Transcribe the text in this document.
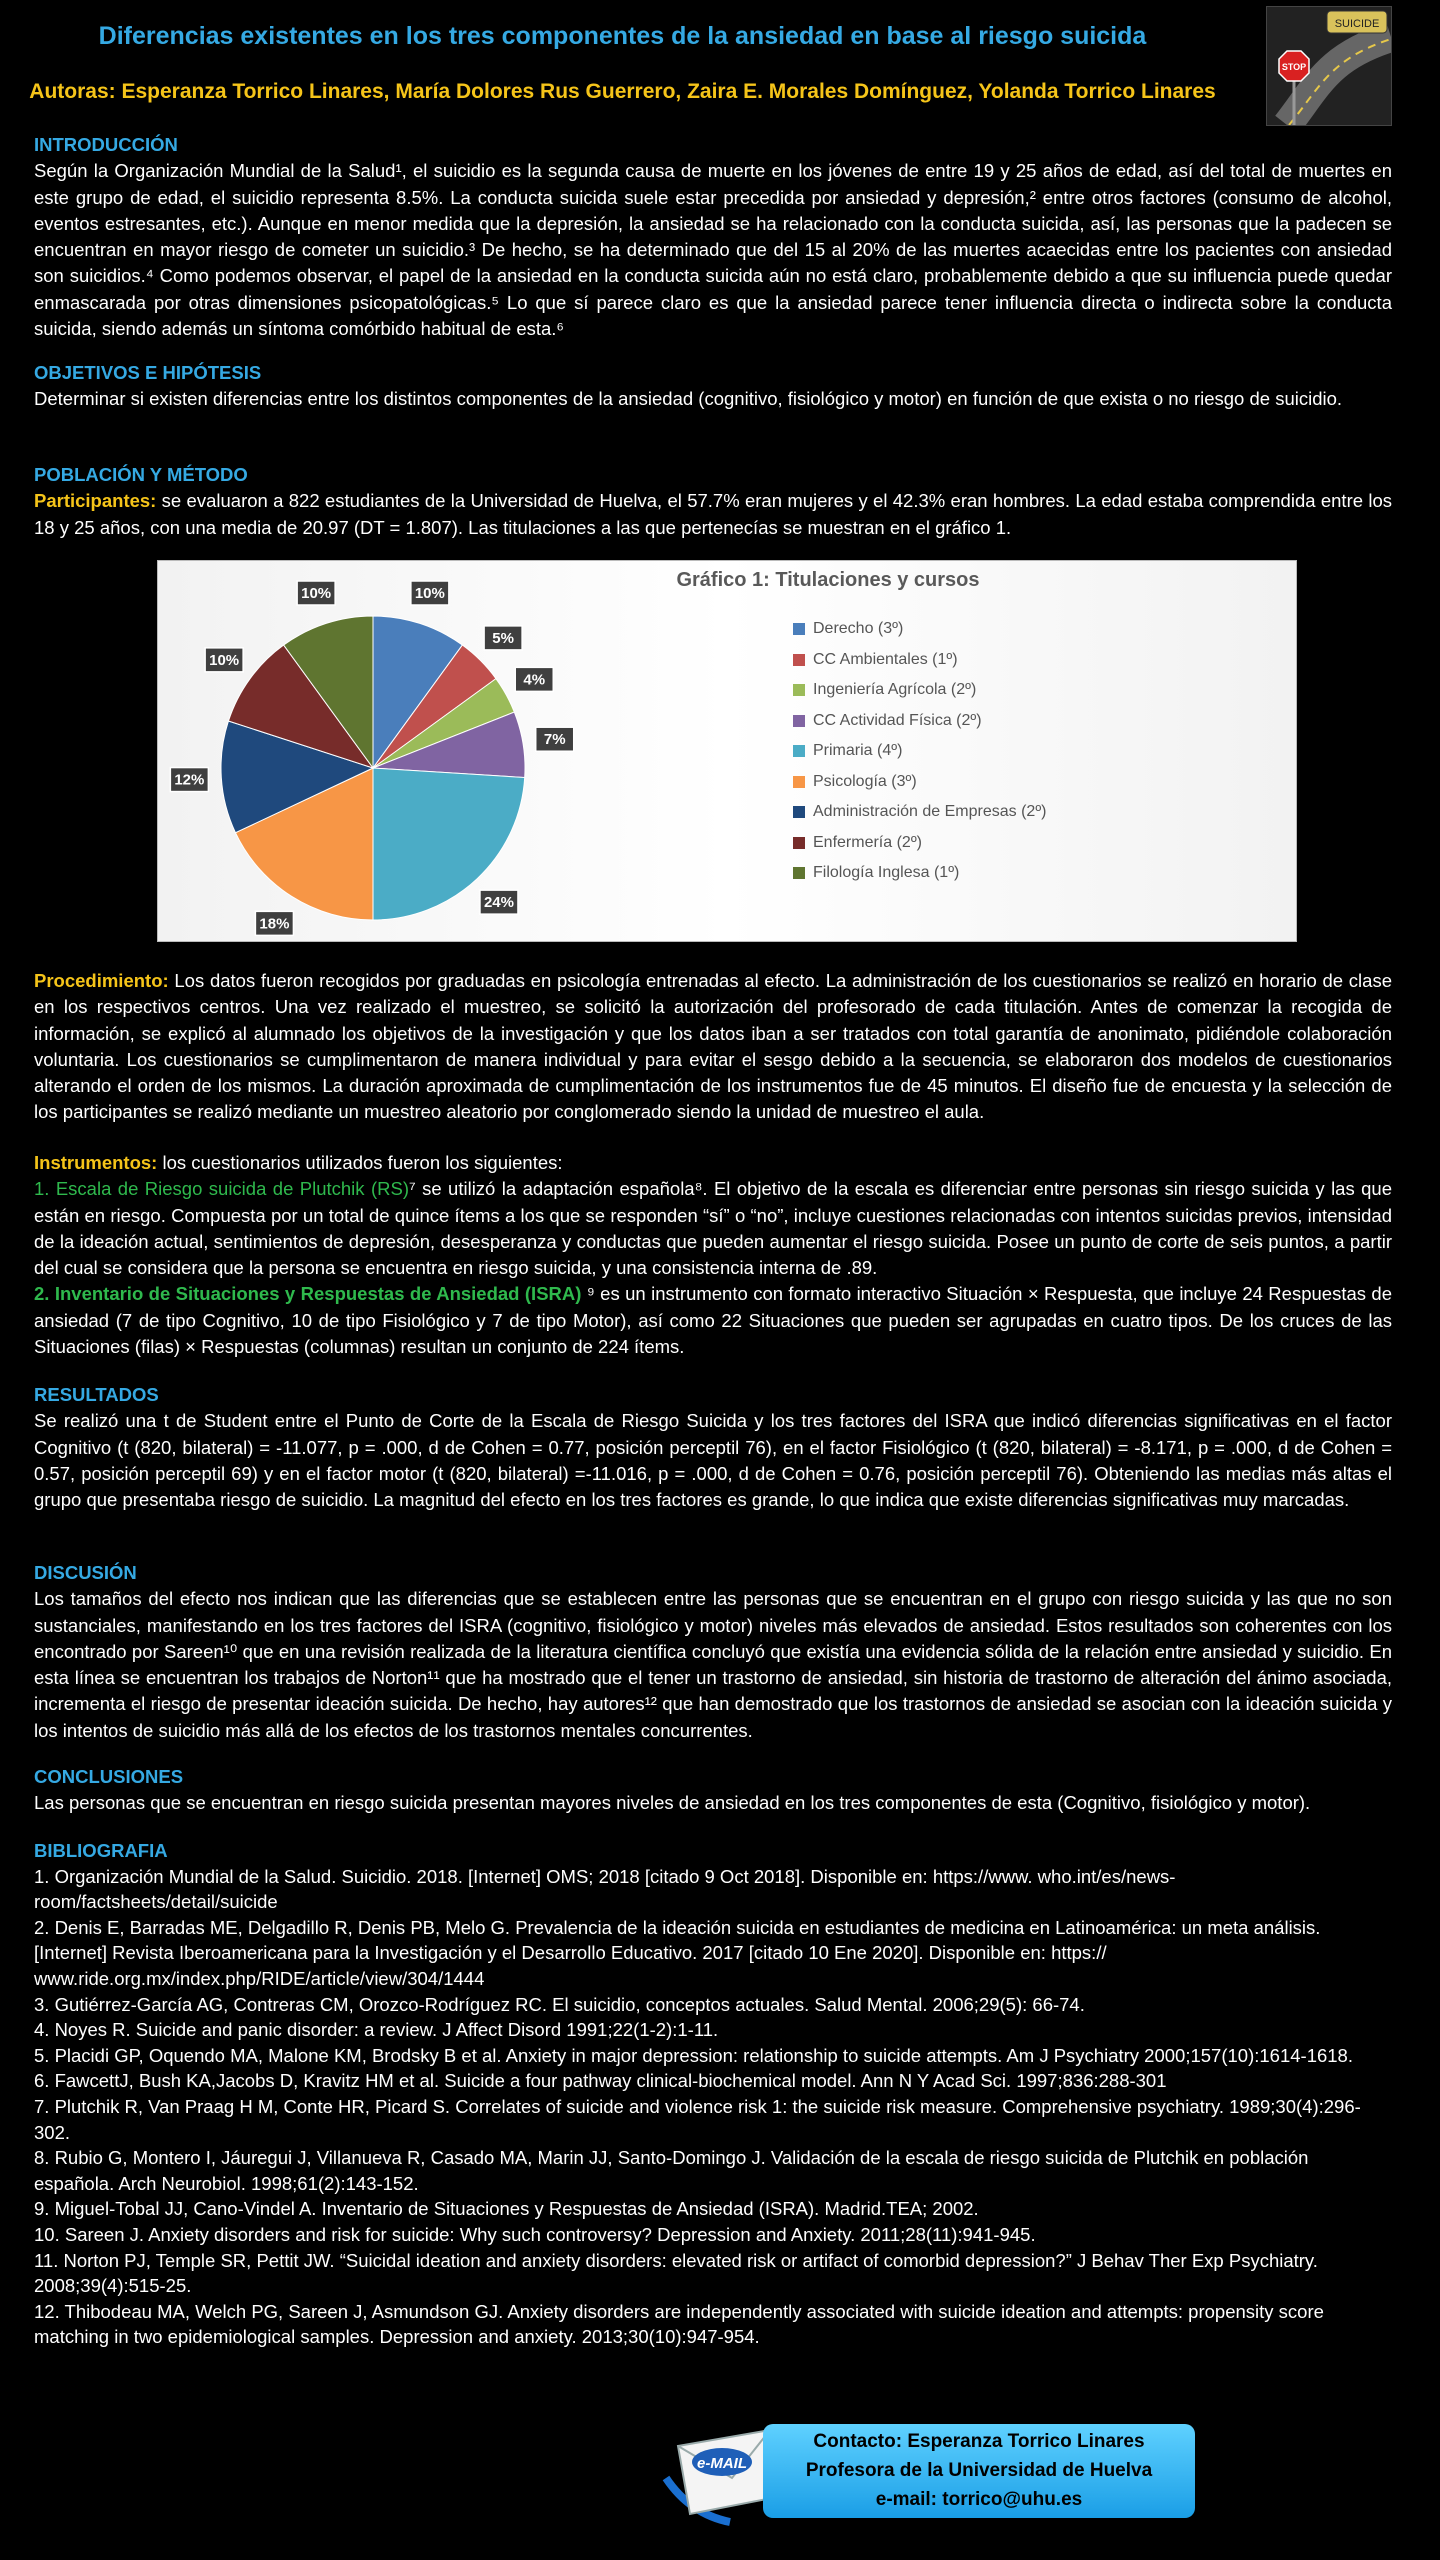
Diferencias existentes en los tres componentes de la ansiedad en base al riesgo suicida
Autoras: Esperanza Torrico Linares, María Dolores Rus Guerrero, Zaira E. Morales Domínguez, Yolanda Torrico Linares
SUICIDE
STOP

INTRODUCCIÓN

Según la Organización Mundial de la Salud¹, el suicidio es la segunda causa de muerte en los jóvenes de entre 19 y 25 años de edad, así del total de muertes en este grupo de edad, el suicidio representa 8.5%. La conducta suicida suele estar precedida por ansiedad y depresión,² entre otros factores (consumo de alcohol, eventos estresantes, etc.). Aunque en menor medida que la depresión, la ansiedad se ha relacionado con la conducta suicida, así, las personas que la padecen se encuentran en mayor riesgo de cometer un suicidio.³ De hecho, se ha determinado que del 15 al 20% de las muertes acaecidas entre los pacientes con ansiedad son suicidios.⁴ Como podemos observar, el papel de la ansiedad en la conducta suicida aún no está claro, probablemente debido a que su influencia puede quedar enmascarada por otras dimensiones psicopatológicas.⁵ Lo que sí parece claro es que la ansiedad parece tener influencia directa o indirecta sobre la conducta suicida, siendo además un síntoma comórbido habitual de esta.⁶

OBJETIVOS E HIPÓTESIS

Determinar si existen diferencias entre los distintos componentes de la ansiedad (cognitivo, fisiológico y motor) en función de que exista o no riesgo de suicidio.

POBLACIÓN Y MÉTODO

Participantes: se evaluaron a 822 estudiantes de la Universidad de Huelva, el 57.7% eran mujeres y el 42.3% eran hombres. La edad estaba comprendida entre los 18 y 25 años, con una media de 20.97 (DT = 1.807). Las titulaciones a las que pertenecías se muestran en el gráfico 1.

Gráfico 1: Titulaciones y cursos
10%
5%
4%
7%
24%
18%
12%
10%
10%
Derecho (3º)
CC Ambientales (1º)
Ingeniería Agrícola (2º)
CC Actividad Física (2º)
Primaria (4º)
Psicología (3º)
Administración de Empresas (2º)
Enfermería (2º)
Filología Inglesa (1º)

Procedimiento: Los datos fueron recogidos por graduadas en psicología entrenadas al efecto. La administración de los cuestionarios se realizó en horario de clase en los respectivos centros. Una vez realizado el muestreo, se solicitó la autorización del profesorado de cada titulación. Antes de comenzar la recogida de información, se explicó al alumnado los objetivos de la investigación y que los datos iban a ser tratados con total garantía de anonimato, pidiéndole colaboración voluntaria. Los cuestionarios se cumplimentaron de manera individual y para evitar el sesgo debido a la secuencia, se elaboraron dos modelos de cuestionarios alterando el orden de los mismos. La duración aproximada de cumplimentación de los instrumentos fue de 45 minutos. El diseño fue de encuesta y la selección de los participantes se realizó mediante un muestreo aleatorio por conglomerado siendo la unidad de muestreo el aula.

Instrumentos: los cuestionarios utilizados fueron los siguientes:

1. Escala de Riesgo suicida de Plutchik (RS)⁷ se utilizó la adaptación española⁸. El objetivo de la escala es diferenciar entre personas sin riesgo suicida y las que están en riesgo. Compuesta por un total de quince ítems a los que se responden “sí” o “no”, incluye cuestiones relacionadas con intentos suicidas previos, intensidad de la ideación actual, sentimientos de depresión, desesperanza y conductas que pueden aumentar el riesgo suicida. Posee un punto de corte de seis puntos, a partir del cual se considera que la persona se encuentra en riesgo suicida, y una consistencia interna de .89.

2. Inventario de Situaciones y Respuestas de Ansiedad (ISRA) ⁹ es un instrumento con formato interactivo Situación × Respuesta, que incluye 24 Respuestas de ansiedad (7 de tipo Cognitivo, 10 de tipo Fisiológico y 7 de tipo Motor), así como 22 Situaciones que pueden ser agrupadas en cuatro tipos. De los cruces de las Situaciones (filas) × Respuestas (columnas) resultan un conjunto de 224 ítems.

RESULTADOS

Se realizó una t de Student entre el Punto de Corte de la Escala de Riesgo Suicida y los tres factores del ISRA que indicó diferencias significativas en el factor Cognitivo (t (820, bilateral) = -11.077, p = .000, d de Cohen = 0.77, posición perceptil 76), en el factor Fisiológico (t (820, bilateral) = -8.171, p = .000, d de Cohen = 0.57, posición perceptil 69) y en el factor motor (t (820, bilateral) =-11.016, p = .000, d de Cohen = 0.76, posición perceptil 76). Obteniendo las medias más altas el grupo que presentaba riesgo de suicidio. La magnitud del efecto en los tres factores es grande, lo que indica que existe diferencias significativas muy marcadas.

DISCUSIÓN

Los tamaños del efecto nos indican que las diferencias que se establecen entre las personas que se encuentran en el grupo con riesgo suicida y las que no son sustanciales, manifestando en los tres factores del ISRA (cognitivo, fisiológico y motor) niveles más elevados de ansiedad. Estos resultados son coherentes con los encontrado por Sareen¹⁰ que en una revisión realizada de la literatura científica concluyó que existía una evidencia sólida de la relación entre ansiedad y suicidio. En esta línea se encuentran los trabajos de Norton¹¹ que ha mostrado que el tener un trastorno de ansiedad, sin historia de trastorno de alteración del ánimo asociada, incrementa el riesgo de presentar ideación suicida. De hecho, hay autores¹² que han demostrado que los trastornos de ansiedad se asocian con la ideación suicida y los intentos de suicidio más allá de los efectos de los trastornos mentales concurrentes.

CONCLUSIONES

Las personas que se encuentran en riesgo suicida presentan mayores niveles de ansiedad en los tres componentes de esta (Cognitivo, fisiológico y motor).

BIBLIOGRAFIA

1. Organización Mundial de la Salud. Suicidio. 2018. [Internet] OMS; 2018 [citado 9 Oct 2018]. Disponible en: https://www. who.int/es/news-room/factsheets/detail/suicide

2. Denis E, Barradas ME, Delgadillo R, Denis PB, Melo G. Prevalencia de la ideación suicida en estudiantes de medicina en Latinoamérica: un meta análisis. [Internet] Revista Iberoamericana para la Investigación y el Desarrollo Educativo. 2017 [citado 10 Ene 2020]. Disponible en: https:// www.ride.org.mx/index.php/RIDE/article/view/304/1444

3. Gutiérrez-García AG, Contreras CM, Orozco-Rodríguez RC. El suicidio, conceptos actuales. Salud Mental. 2006;29(5): 66-74.

4. Noyes R. Suicide and panic disorder: a review. J Affect Disord 1991;22(1-2):1-11.

5. Placidi GP, Oquendo MA, Malone KM, Brodsky B et al. Anxiety in major depression: relationship to suicide attempts. Am J Psychiatry 2000;157(10):1614-1618.

6. FawcettJ, Bush KA,Jacobs D, Kravitz HM et al. Suicide a four pathway clinical-biochemical model. Ann N Y Acad Sci. 1997;836:288-301

7. Plutchik R, Van Praag H M, Conte HR, Picard S. Correlates of suicide and violence risk 1: the suicide risk measure. Comprehensive psychiatry. 1989;30(4):296-302.

8. Rubio G, Montero I, Jáuregui J, Villanueva R, Casado MA, Marin JJ, Santo-Domingo J. Validación de la escala de riesgo suicida de Plutchik en población española. Arch Neurobiol. 1998;61(2):143-152.

9. Miguel-Tobal JJ, Cano-Vindel A. Inventario de Situaciones y Respuestas de Ansiedad (ISRA). Madrid.TEA; 2002.

10. Sareen J. Anxiety disorders and risk for suicide: Why such controversy? Depression and Anxiety. 2011;28(11):941-945.

11. Norton PJ, Temple SR, Pettit JW. “Suicidal ideation and anxiety disorders: elevated risk or artifact of comorbid depression?” J Behav Ther Exp Psychiatry. 2008;39(4):515-25.

12. Thibodeau MA, Welch PG, Sareen J, Asmundson GJ. Anxiety disorders are independently associated with suicide ideation and attempts: propensity score matching in two epidemiological samples. Depression and anxiety. 2013;30(10):947-954.

e-MAIL
Contacto: Esperanza Torrico Linares
Profesora de la Universidad de Huelva
e-mail: torrico@uhu.es
